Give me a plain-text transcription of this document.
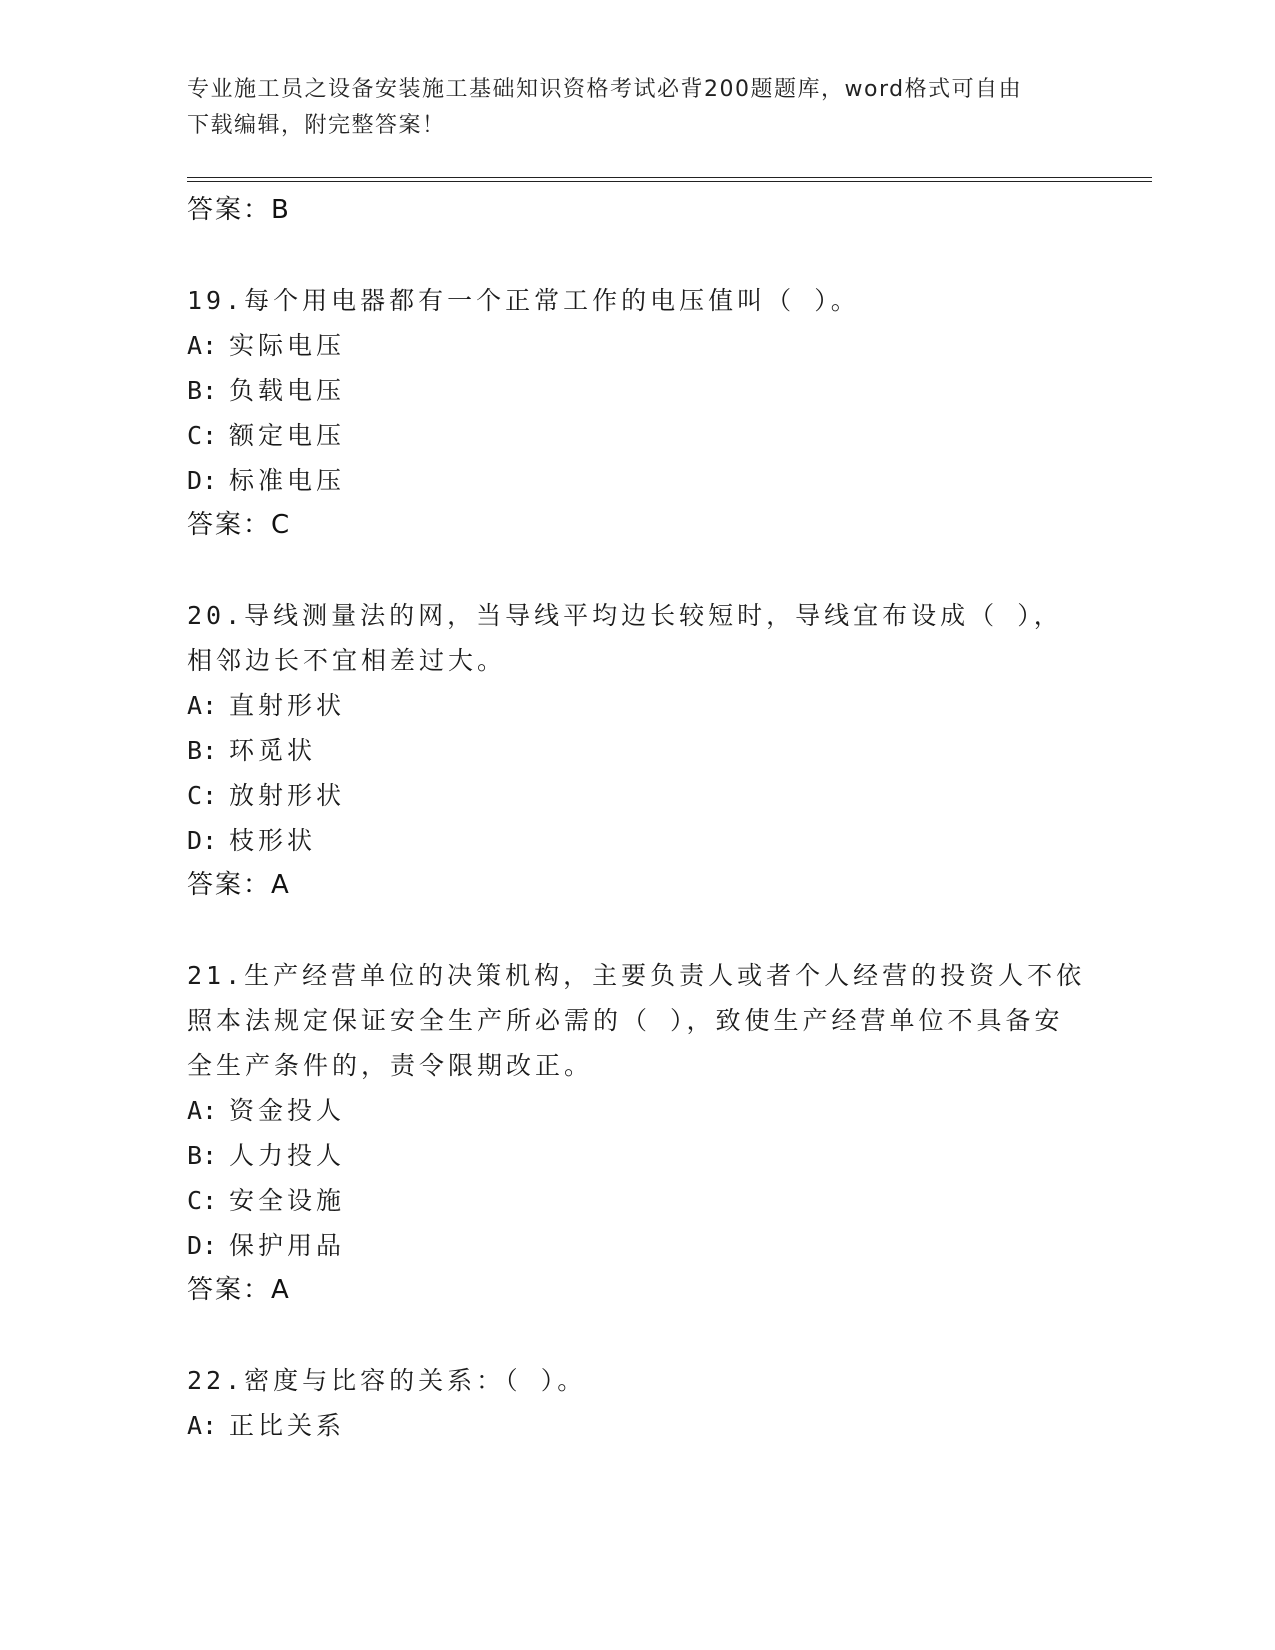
专业施工员之设备安装施工基础知识资格考试必背200题题库，word格式可自由
下载编辑，附完整答案！
答案：B
19.每个用电器都有一个正常工作的电压值叫（ ）。
A: 实际电压
B: 负载电压
C: 额定电压
D: 标准电压
答案：C
20.导线测量法的网，当导线平均边长较短时，导线宜布设成（ ），
相邻边长不宜相差过大。
A: 直射形状
B: 环觅状
C: 放射形状
D: 枝形状
答案：A
21.生产经营单位的决策机构，主要负责人或者个人经营的投资人不依
照本法规定保证安全生产所必需的（ ），致使生产经营单位不具备安
全生产条件的，责令限期改正。
A: 资金投人
B: 人力投人
C: 安全设施
D: 保护用品
答案：A
22.密度与比容的关系：（ ）。
A: 正比关系
